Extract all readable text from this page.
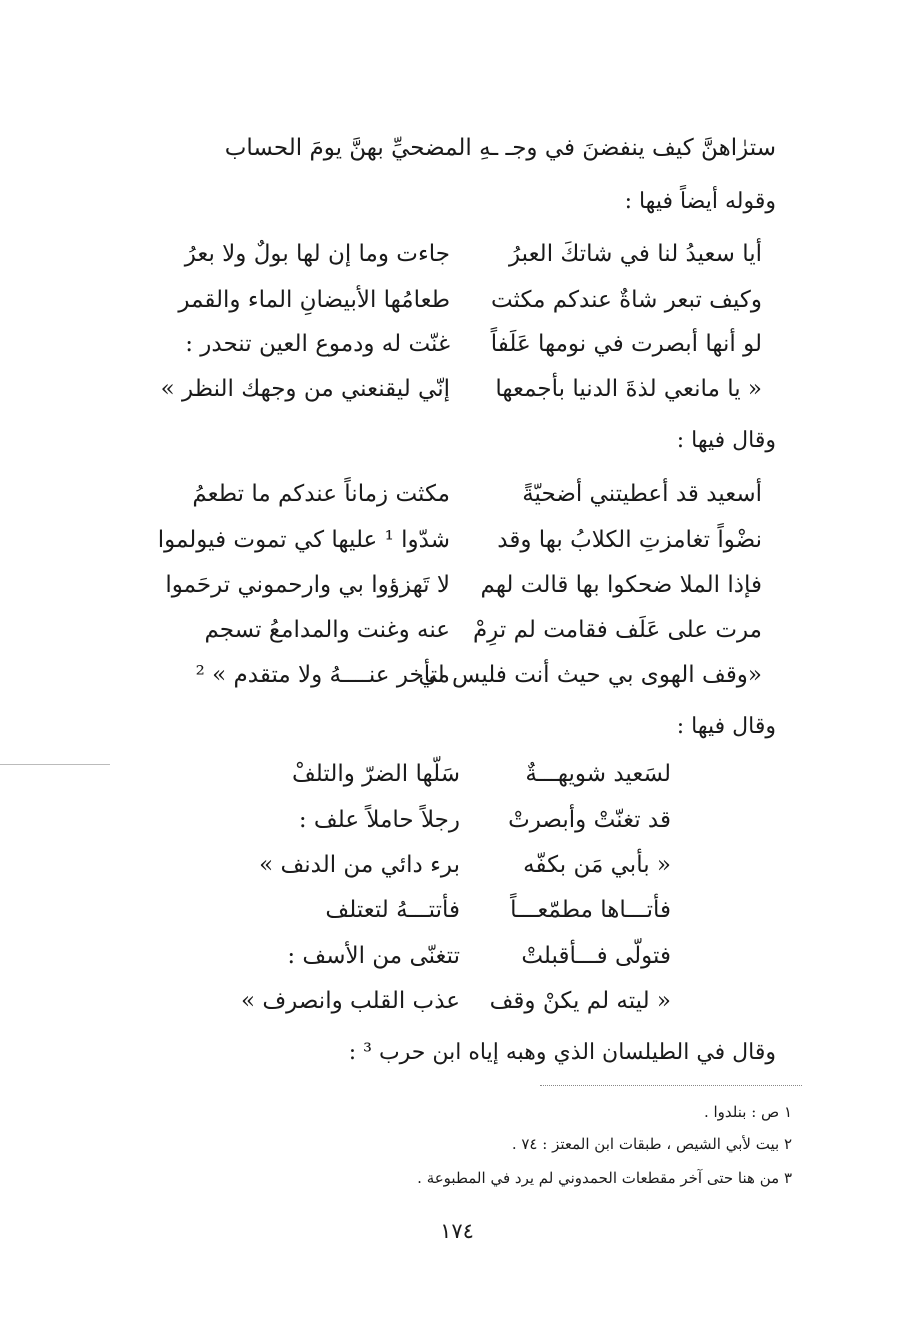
سترٰاهنَّ كيف ينفضنَ في وجـ ـهِ المضحيِّ بهنَّ يومَ الحساب
وقوله أيضاً فيها :
أيا سعيدُ لنا في شاتكَ العبرُ
جاءت وما إن لها بولٌ ولا بعرُ
وكيف تبعر شاةٌ عندكم مكثت
طعامُها الأبيضانِ الماء والقمر
لو أنها أبصرت في نومها عَلَفاً
غنّت له ودموع العين تنحدر :
« يا مانعي لذةَ الدنيا بأجمعها
إنّي ليقنعني من وجهك النظر »
وقال فيها :
أسعيد قد أعطيتني أضحيّةً
مكثت زماناً عندكم ما تطعمُ
نضْواً تغامزتِ الكلابُ بها وقد
شدّوا ¹ عليها كي تموت فيولموا
فإذا الملا ضحكوا بها قالت لهم
لا تَهزؤوا بي وارحموني ترحَموا
مرت على عَلَف فقامت لم ترِمْ
عنه وغنت والمدامعُ تسجم
«وقف الهوى بي حيث أنت فليس لي
متأخر عنــــهُ ولا متقدم » ²
وقال فيها :
لسَعيد شويهـــةٌ
سَلّها الضرّ والتلفْ
قد تغنّتْ وأبصرتْ
رجلاً حاملاً علف :
« بأبي مَن بكفّه
برء دائي من الدنف »
فأتـــاها مطمّعـــاً
فأتتـــهُ لتعتلف
فتولّى فـــأقبلتْ
تتغنّى من الأسف :
« ليته لم يكنْ وقف
عذب القلب وانصرف »
وقال في الطيلسان الذي وهبه إياه ابن حرب ³ :
١ ص : بنلدوا .
٢ بيت لأبي الشيص ، طبقات ابن المعتز : ٧٤ .
٣ من هنا حتى آخر مقطعات الحمدوني لم يرد في المطبوعة .
١٧٤
